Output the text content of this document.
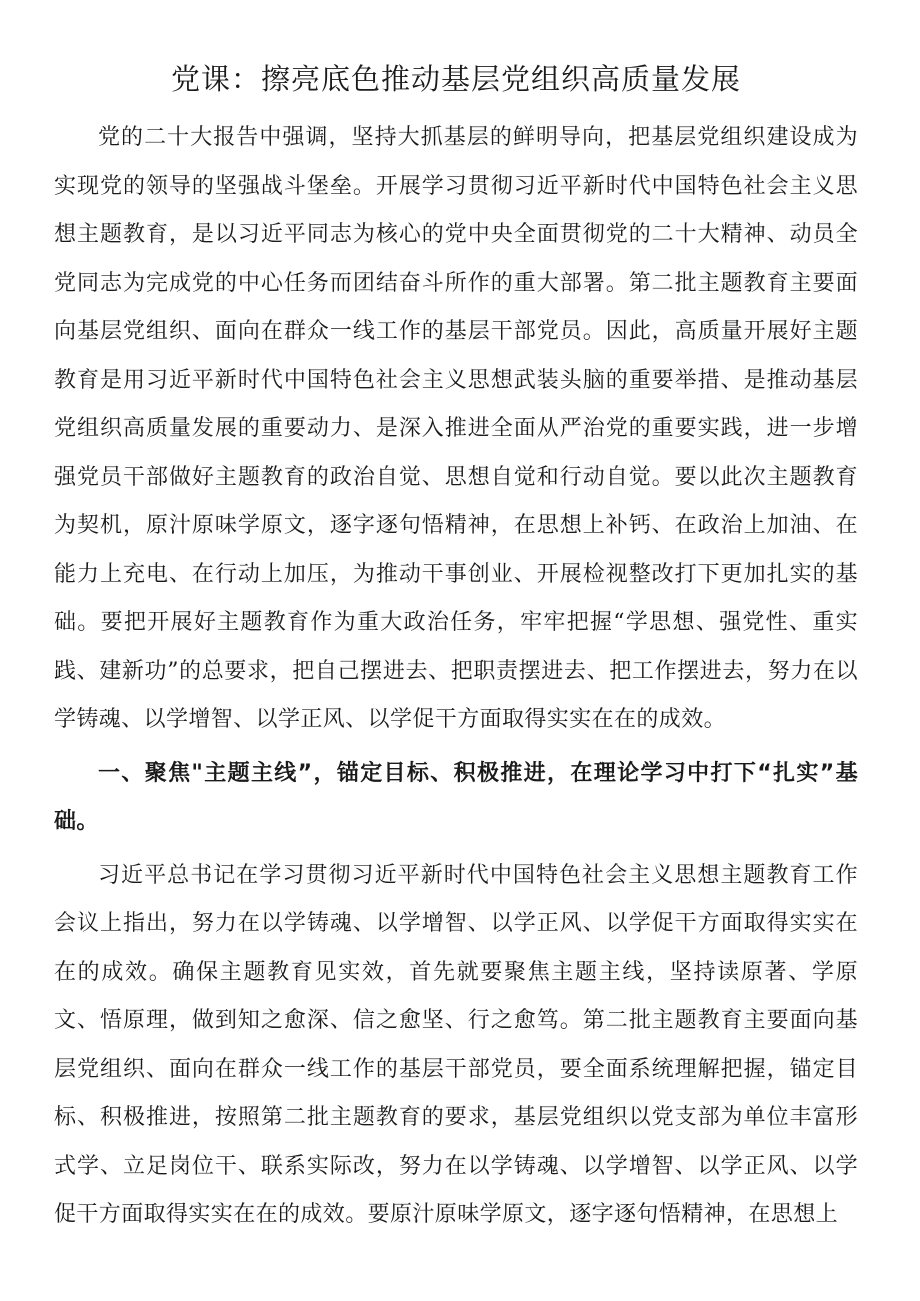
党课：擦亮底色推动基层党组织高质量发展

党的二十大报告中强调，坚持大抓基层的鲜明导向，把基层党组织建设成为实现党的领导的坚强战斗堡垒。开展学习贯彻习近平新时代中国特色社会主义思想主题教育，是以习近平同志为核心的党中央全面贯彻党的二十大精神、动员全党同志为完成党的中心任务而团结奋斗所作的重大部署。第二批主题教育主要面向基层党组织、面向在群众一线工作的基层干部党员。因此，高质量开展好主题教育是用习近平新时代中国特色社会主义思想武装头脑的重要举措、是推动基层党组织高质量发展的重要动力、是深入推进全面从严治党的重要实践，进一步增强党员干部做好主题教育的政治自觉、思想自觉和行动自觉。要以此次主题教育为契机，原汁原味学原文，逐字逐句悟精神，在思想上补钙、在政治上加油、在能力上充电、在行动上加压，为推动干事创业、开展检视整改打下更加扎实的基础。要把开展好主题教育作为重大政治任务，牢牢把握“学思想、强党性、重实践、建新功”的总要求，把自己摆进去、把职责摆进去、把工作摆进去，努力在以学铸魂、以学增智、以学正风、以学促干方面取得实实在在的成效。

一、聚焦"主题主线”，锚定目标、积极推进，在理论学习中打下“扎实”基础。

习近平总书记在学习贯彻习近平新时代中国特色社会主义思想主题教育工作会议上指出，努力在以学铸魂、以学增智、以学正风、以学促干方面取得实实在在的成效。确保主题教育见实效，首先就要聚焦主题主线，坚持读原著、学原文、悟原理，做到知之愈深、信之愈坚、行之愈笃。第二批主题教育主要面向基层党组织、面向在群众一线工作的基层干部党员，要全面系统理解把握，锚定目标、积极推进，按照第二批主题教育的要求，基层党组织以党支部为单位丰富形式学、立足岗位干、联系实际改，努力在以学铸魂、以学增智、以学正风、以学促干方面取得实实在在的成效。要原汁原味学原文，逐字逐句悟精神，在思想上
